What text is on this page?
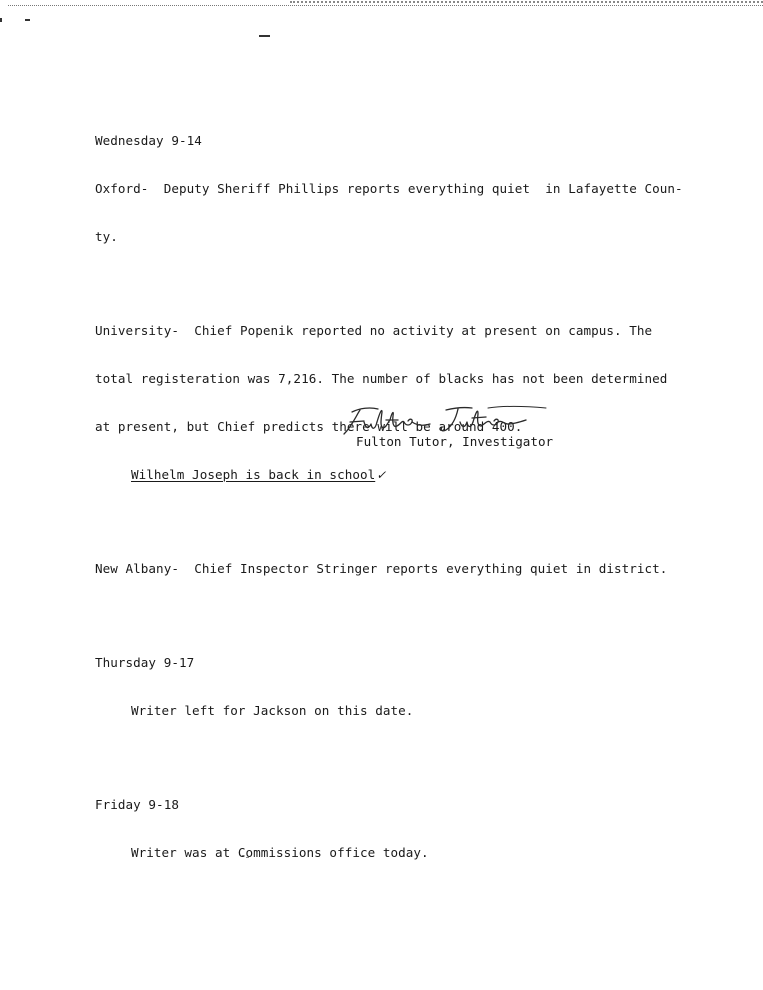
Wednesday 9-14

Oxford-  Deputy Sheriff Phillips reports everything quiet  in Lafayette Coun-

ty.

University-  Chief Popenik reported no activity at present on campus. The

total registeration was 7,216. The number of blacks has not been determined

at present, but Chief predicts there will be around 400.

Wilhelm Joseph is back in school✓

New Albany-  Chief Inspector Stringer reports everything quiet in district.

Thursday 9-17

Writer left for Jackson on this date.

Friday 9-18

Writer was at Commissions office today.

Fulton Tutor, Investigator
